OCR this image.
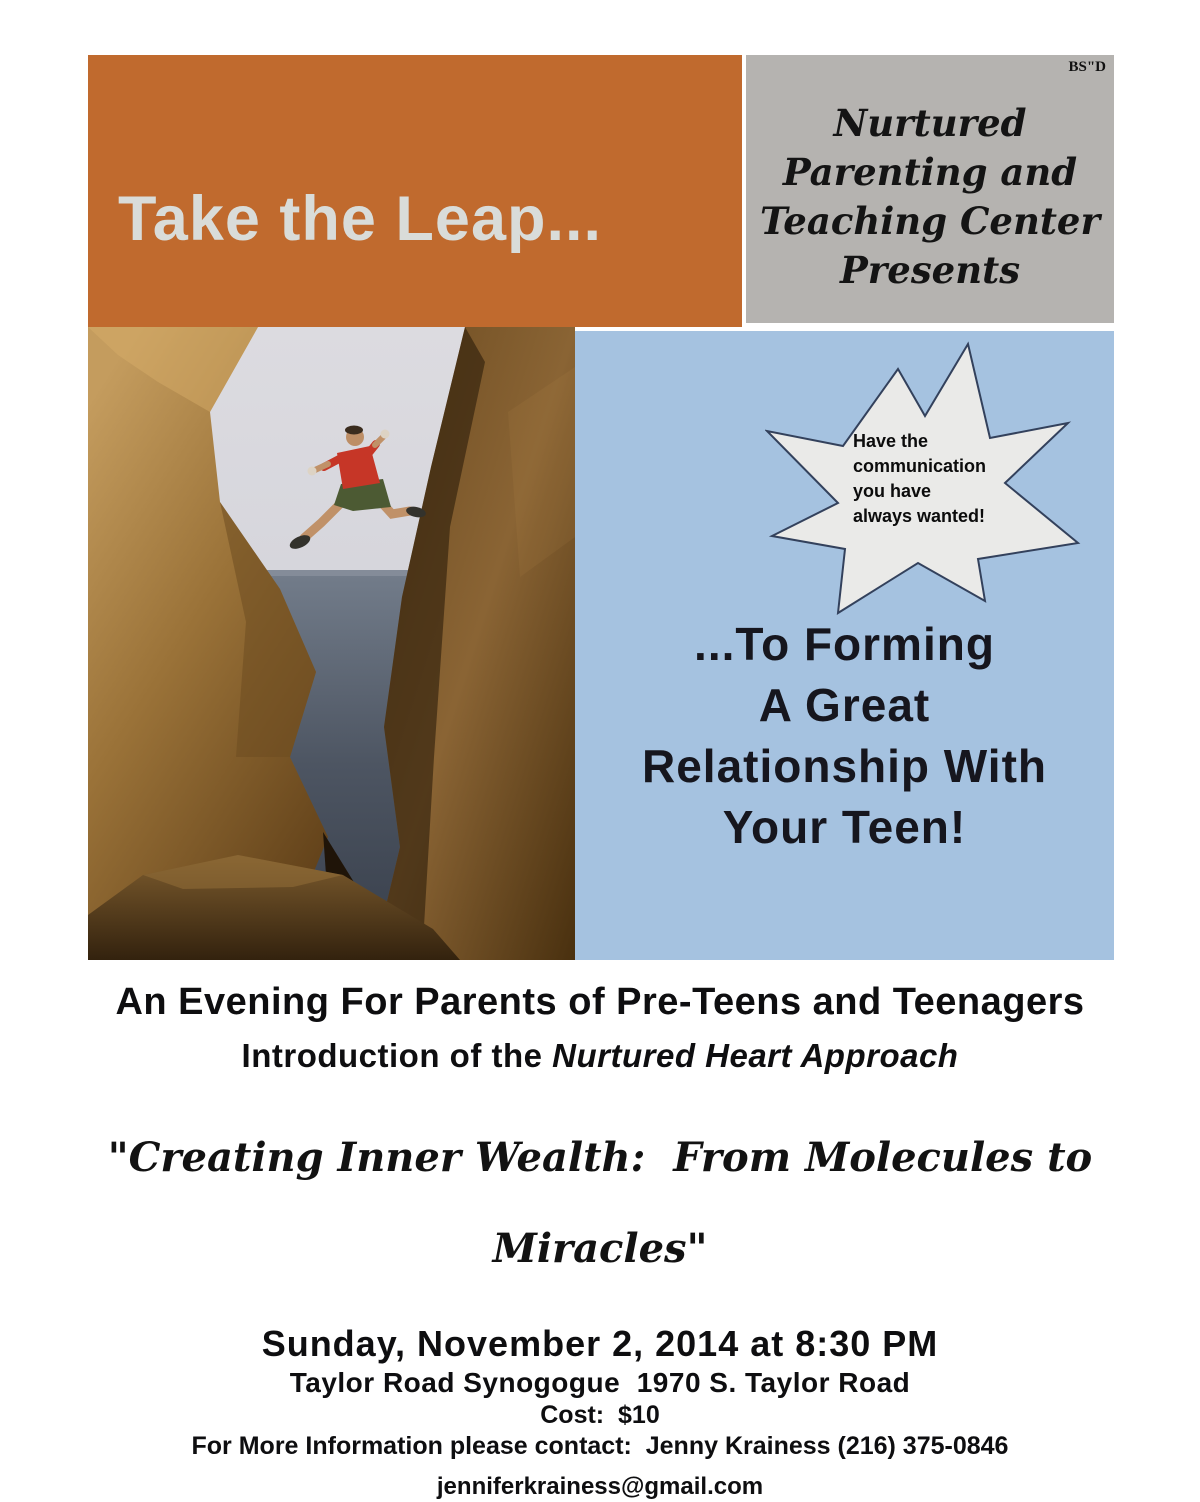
Take the Leap...
BS"D
Nurtured
Parenting and
Teaching Center
Presents
Have the
communication
you have
always wanted!
...To Forming
A Great
Relationship With
Your Teen!
An Evening For Parents of Pre-Teens and Teenagers
Introduction of the Nurtured Heart Approach

"Creating Inner Wealth:  From Molecules to

Miracles"

Sunday, November 2, 2014 at 8:30 PM
Taylor Road Synogogue  1970 S. Taylor Road
Cost:  $10
For More Information please contact:  Jenny Krainess (216) 375-0846
jenniferkrainess@gmail.com
